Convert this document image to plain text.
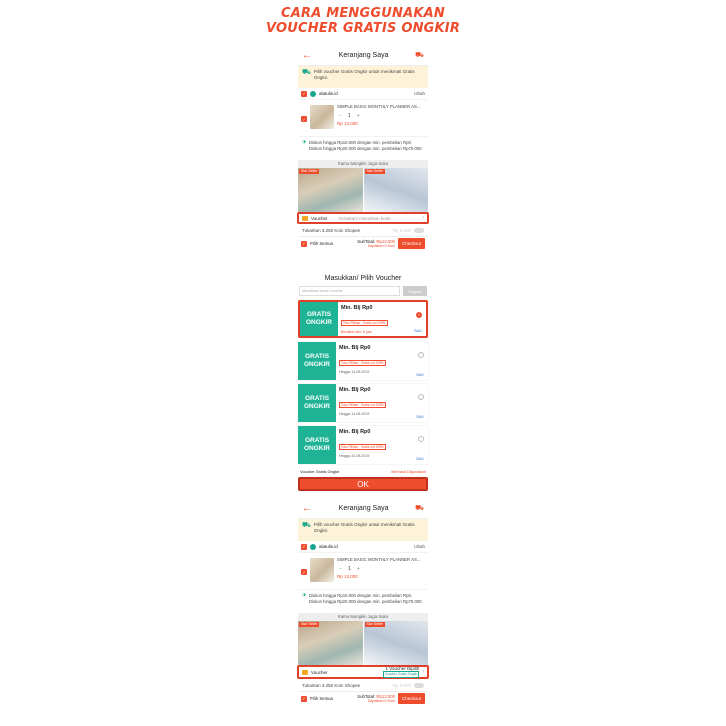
CARA MENGGUNAKAN
VOUCHER GRATIS ONGKIR
←	Keranjang Saya	⛟
⛟ Pilih voucher Gratis Ongkir untuk menikmati Gratis Ongkir.
✓	alatulis.id	Ubah
✓
SIMPLE BASIC MONTHLY PLANNER AS...
−	1	+
Rp 13.000
⬗ Diskon hingga Rp10.000 dengan min. pembelian Rp0, Diskon hingga Rp20.000 dengan min. pembelian Rp70.000
Kamu Mungkin Juga Suka
Star Seller	Star Seller
Voucher Gunakan/ masukkan kode	›
Tukarkan 3.250 Koin Shopee	Rp 3.000
✓	Pilih Semua	SubTotal: Rp13.000
Dapatkan 0 Koin	Checkout
Masukkan/ Pilih Voucher
Masukkan kode voucher	Simpan
GRATIS ONGKIR
Min. Blj Rp0
Toko Pilihan · Gratis s/d 10RB
Berakhir dlm: 6 jam
✓
S&K
GRATIS ONGKIR
Min. Blj Rp0
Toko Pilihan · Gratis s/d 10RB
Hingga 14.08.2019	S&K
GRATIS ONGKIR
Min. Blj Rp0
Toko Pilihan · Gratis s/d 10RB
Hingga 14.08.2019	S&K
GRATIS ONGKIR
Min. Blj Rp0
Toko Pilihan · Gratis s/d 10RB
Hingga 31.08.2019	S&K
Voucher Gratis Ongkir	Berhasil Digunakan
OK
←	Keranjang Saya	⛟
⛟ Pilih voucher Gratis Ongkir untuk menikmati Gratis Ongkir.
✓	alatulis.id	Ubah
✓
SIMPLE BASIC MONTHLY PLANNER AS...
−	1	+
Rp 13.000
⬗ Diskon hingga Rp10.000 dengan min. pembelian Rp0, Diskon hingga Rp20.000 dengan min. pembelian Rp70.000
Kamu Mungkin Juga Suka
Star Seller	Star Seller
Voucher
1 Voucher Dipilih
Voucher Gratis Ongkir	›
Tukarkan 3.250 Koin Shopee	Rp 3.000
✓	Pilih Semua	SubTotal: Rp13.000
Dapatkan 0 Koin	Checkout
